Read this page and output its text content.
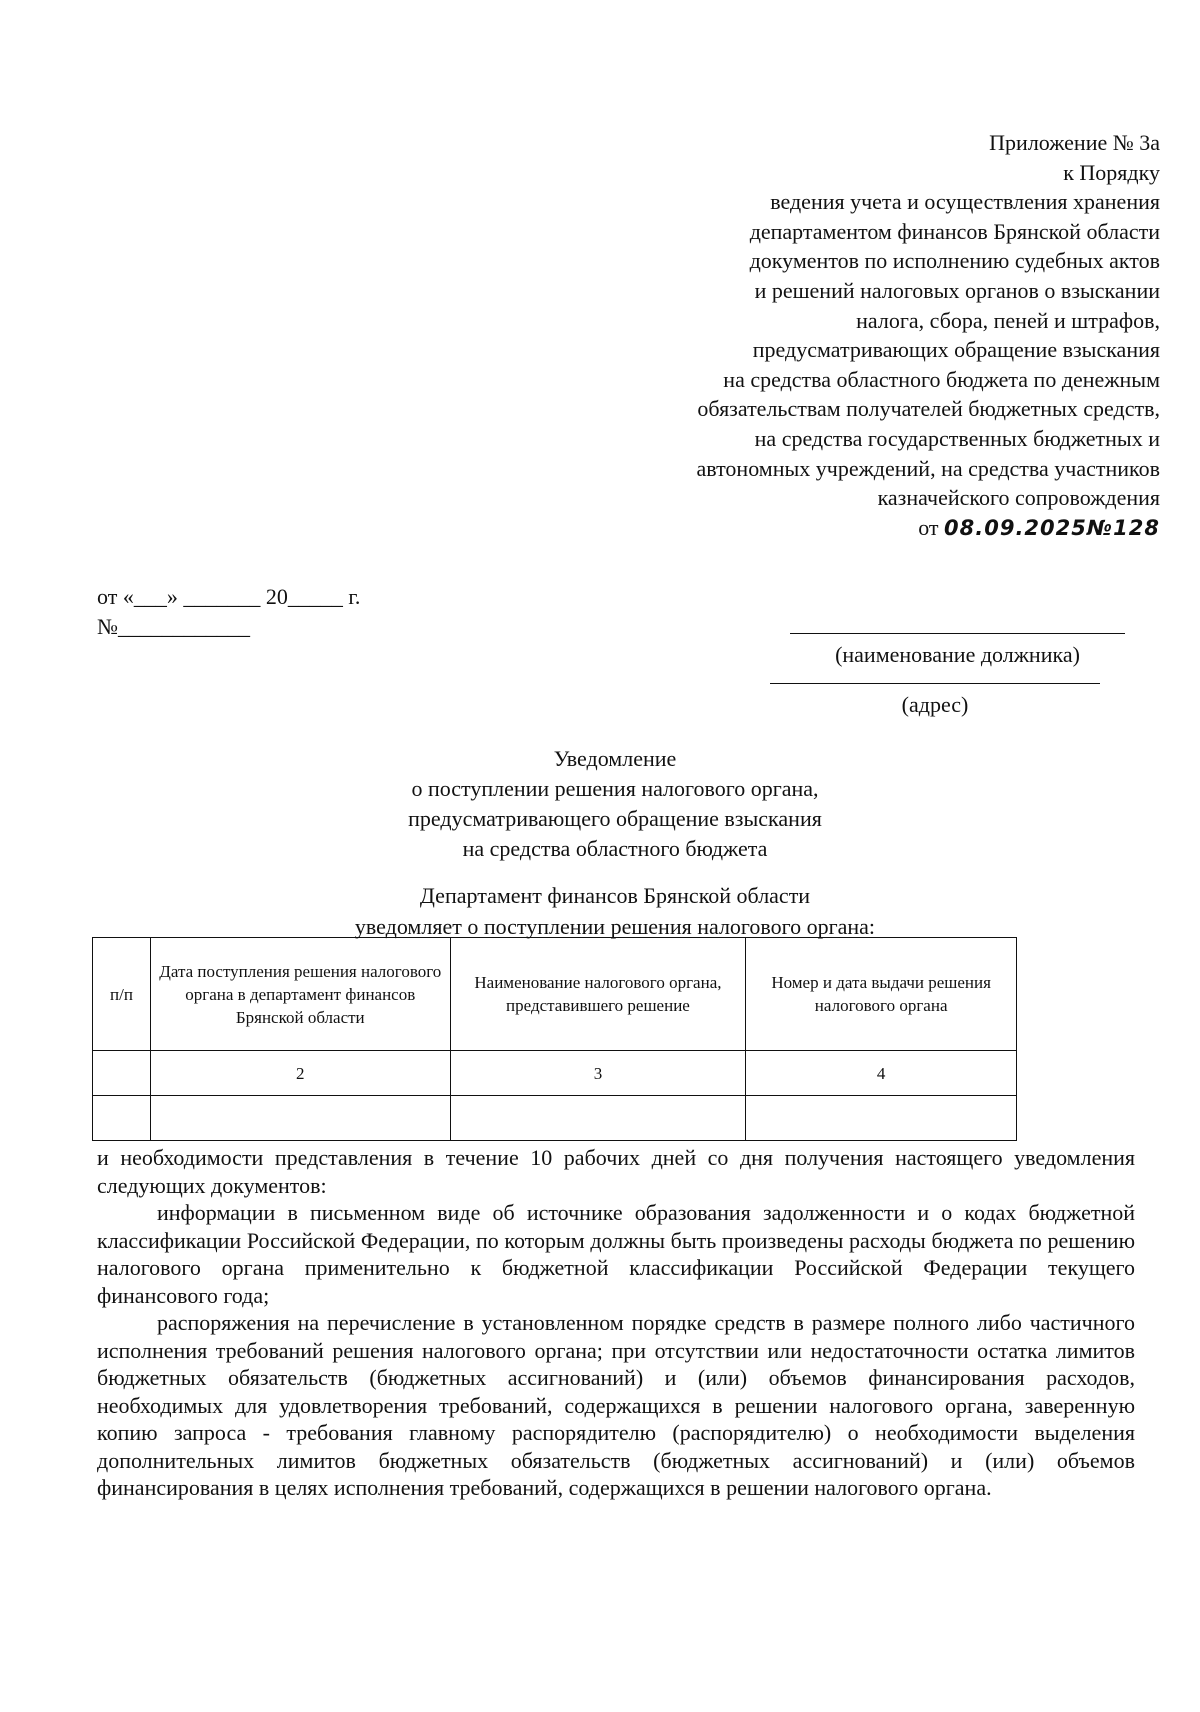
Приложение № 3а
к Порядку
ведения учета и осуществления хранения
департаментом финансов Брянской области
документов по исполнению судебных актов
и решений налоговых органов о взыскании
налога, сбора, пеней и штрафов,
предусматривающих обращение взыскания
на средства областного бюджета по денежным
обязательствам получателей бюджетных средств,
на средства государственных бюджетных и
автономных учреждений, на средства участников
казначейского сопровождения
от 08.09.2025№128
от «___» _______ 20_____ г.
№____________
(наименование должника)
(адрес)
Уведомление
о поступлении решения налогового органа,
предусматривающего обращение взыскания
на средства областного бюджета
Департамент финансов Брянской области
уведомляет о поступлении решения налогового органа:
п/п	Дата поступления решения налогового органа в департамент финансов Брянской области	Наименование налогового органа, представившего решение	Номер и дата выдачи решения налогового органа
	2	3	4

и необходимости представления в течение 10 рабочих дней со дня получения настоящего уведомления следующих документов:

информации в письменном виде об источнике образования задолженности и о кодах бюджетной классификации Российской Федерации, по которым должны быть произведены расходы бюджета по решению налогового органа применительно к бюджетной классификации Российской Федерации текущего финансового года;

распоряжения на перечисление в установленном порядке средств в размере полного либо частичного исполнения требований решения налогового органа; при отсутствии или недостаточности остатка лимитов бюджетных обязательств (бюджетных ассигнований) и (или) объемов финансирования расходов, необходимых для удовлетворения требований, содержащихся в решении налогового органа, заверенную копию запроса - требования главному распорядителю (распорядителю) о необходимости выделения дополнительных лимитов бюджетных обязательств (бюджетных ассигнований) и (или) объемов финансирования в целях исполнения требований, содержащихся в решении налогового органа.
